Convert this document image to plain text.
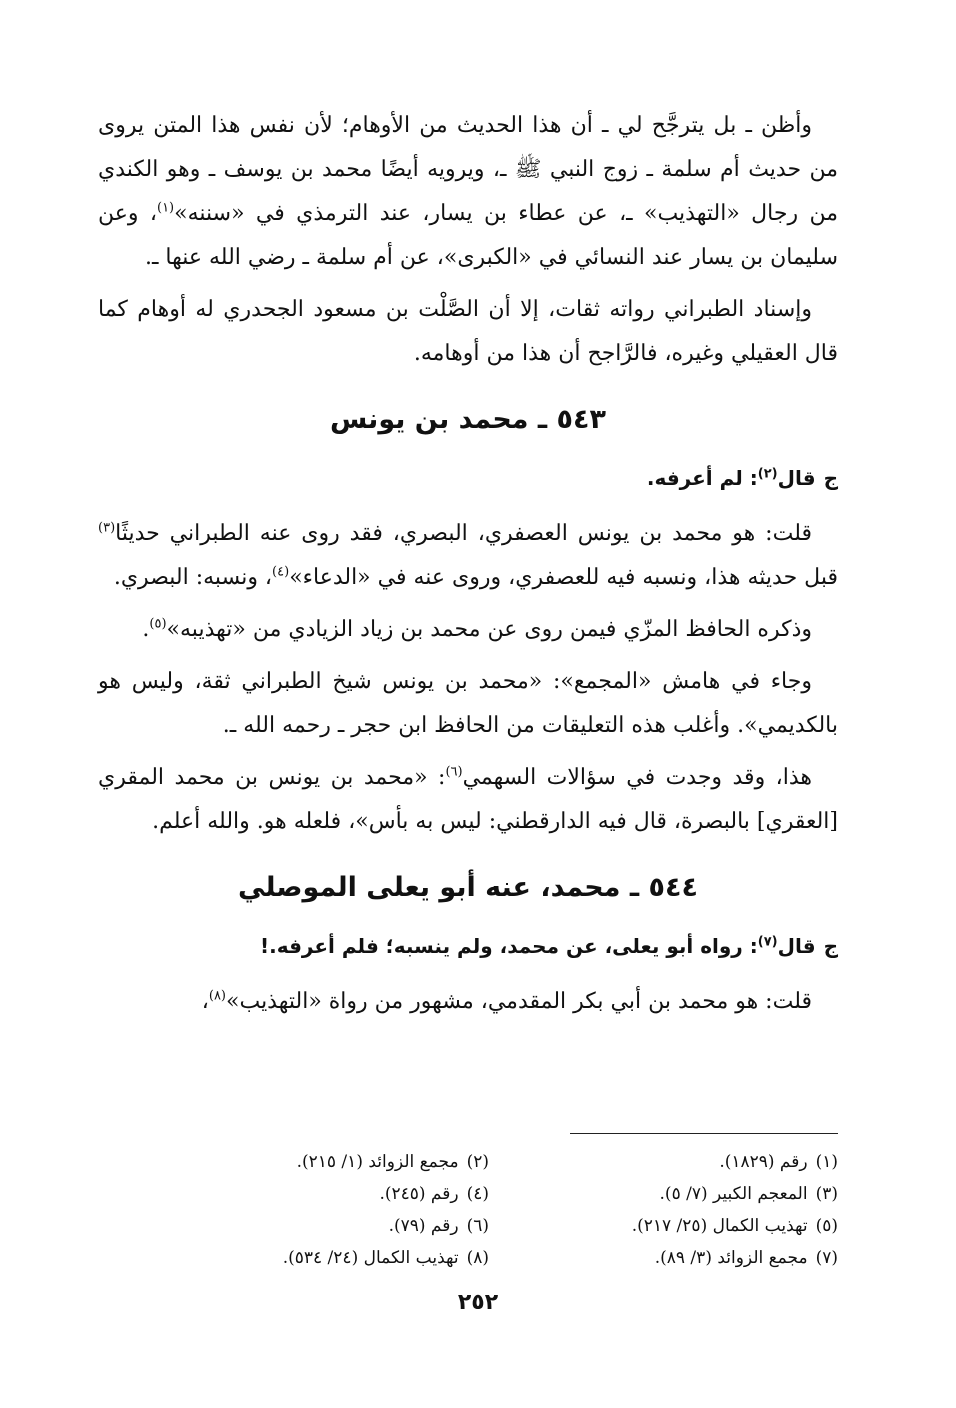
وأظن ـ بل يترجَّح لي ـ أن هذا الحديث من الأوهام؛ لأن نفس هذا المتن يروى من حديث أم سلمة ـ زوج النبي ﷺ ـ، ويرويه أيضًا محمد بن يوسف ـ وهو الكندي من رجال «التهذيب» ـ، عن عطاء بن يسار، عند الترمذي في «سننه»$^{(١)}$، وعن سليمان بن يسار عند النسائي في «الكبرى»، عن أم سلمة ـ رضي الله عنها ـ.

وإسناد الطبراني رواته ثقات، إلا أن الصَّلْت بن مسعود الجحدري له أوهام كما قال العقيلي وغيره، فالرَّاجح أن هذا من أوهامه.

٥٤٣ ـ محمد بن يونس
جقال$^{(٢)}$: لم أعرفه.

قلت: هو محمد بن يونس العصفري، البصري، فقد روى عنه الطبراني حديثًا$^{(٣)}$ قبل حديثه هذا، ونسبه فيه للعصفري، وروى عنه في «الدعاء»$^{(٤)}$، ونسبه: البصري.

وذكره الحافظ المزّي فيمن روى عن محمد بن زياد الزيادي من «تهذيبه»$^{(٥)}$.

وجاء في هامش «المجمع»: «محمد بن يونس شيخ الطبراني ثقة، وليس هو بالكديمي». وأغلب هذه التعليقات من الحافظ ابن حجر ـ رحمه الله ـ.

هذا، وقد وجدت في سؤالات السهمي$^{(٦)}$: «محمد بن يونس بن محمد المقري [العقري] بالبصرة، قال فيه الدارقطني: ليس به بأس»، فلعله هو. والله أعلم.

٥٤٤ ـ محمد، عنه أبو يعلى الموصلي
جقال$^{(٧)}$: رواه أبو يعلى، عن محمد، ولم ينسبه؛ فلم أعرفه.!

قلت: هو محمد بن أبي بكر المقدمي، مشهور من رواة «التهذيب»$^{(٨)}$،

(١)رقم (١٨٢٩).
(٢)مجمع الزوائد (١/ ٢١٥).
(٣)المعجم الكبير (٧/ ٥).
(٤)رقم (٢٤٥).
(٥)تهذيب الكمال (٢٥/ ٢١٧).
(٦)رقم (٧٩).
(٧)مجمع الزوائد (٣/ ٨٩).
(٨)تهذيب الكمال (٢٤/ ٥٣٤).
٢٥٢
